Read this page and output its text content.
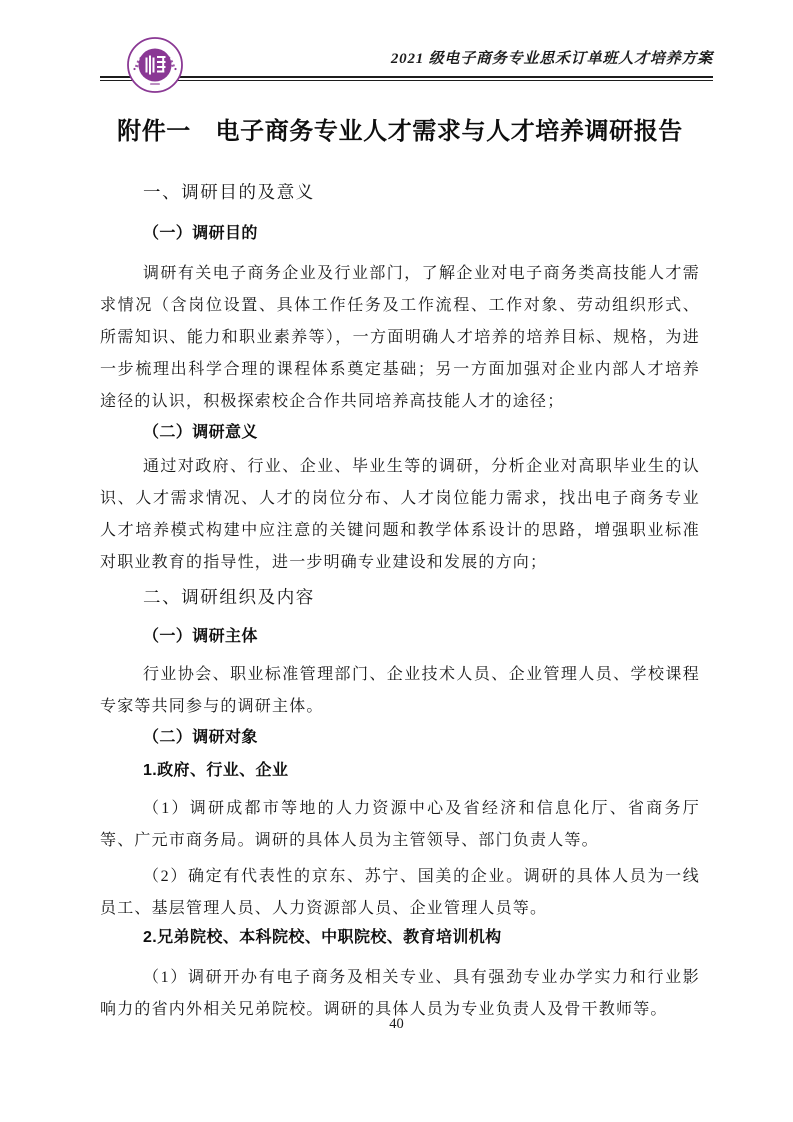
2021 级电子商务专业思禾订单班人才培养方案
附件一　电子商务专业人才需求与人才培养调研报告
一、调研目的及意义
（一）调研目的

调研有关电子商务企业及行业部门，了解企业对电子商务类高技能人才需求情况（含岗位设置、具体工作任务及工作流程、工作对象、劳动组织形式、所需知识、能力和职业素养等），一方面明确人才培养的培养目标、规格，为进一步梳理出科学合理的课程体系奠定基础；另一方面加强对企业内部人才培养途径的认识，积极探索校企合作共同培养高技能人才的途径；

（二）调研意义

通过对政府、行业、企业、毕业生等的调研，分析企业对高职毕业生的认识、人才需求情况、人才的岗位分布、人才岗位能力需求，找出电子商务专业人才培养模式构建中应注意的关键问题和教学体系设计的思路，增强职业标准对职业教育的指导性，进一步明确专业建设和发展的方向；

二、调研组织及内容
（一）调研主体

行业协会、职业标准管理部门、企业技术人员、企业管理人员、学校课程专家等共同参与的调研主体。

（二）调研对象
1.政府、行业、企业

（1）调研成都市等地的人力资源中心及省经济和信息化厅、省商务厅等、广元市商务局。调研的具体人员为主管领导、部门负责人等。

（2）确定有代表性的京东、苏宁、国美的企业。调研的具体人员为一线员工、基层管理人员、人力资源部人员、企业管理人员等。

2.兄弟院校、本科院校、中职院校、教育培训机构

（1）调研开办有电子商务及相关专业、具有强劲专业办学实力和行业影响力的省内外相关兄弟院校。调研的具体人员为专业负责人及骨干教师等。

40
